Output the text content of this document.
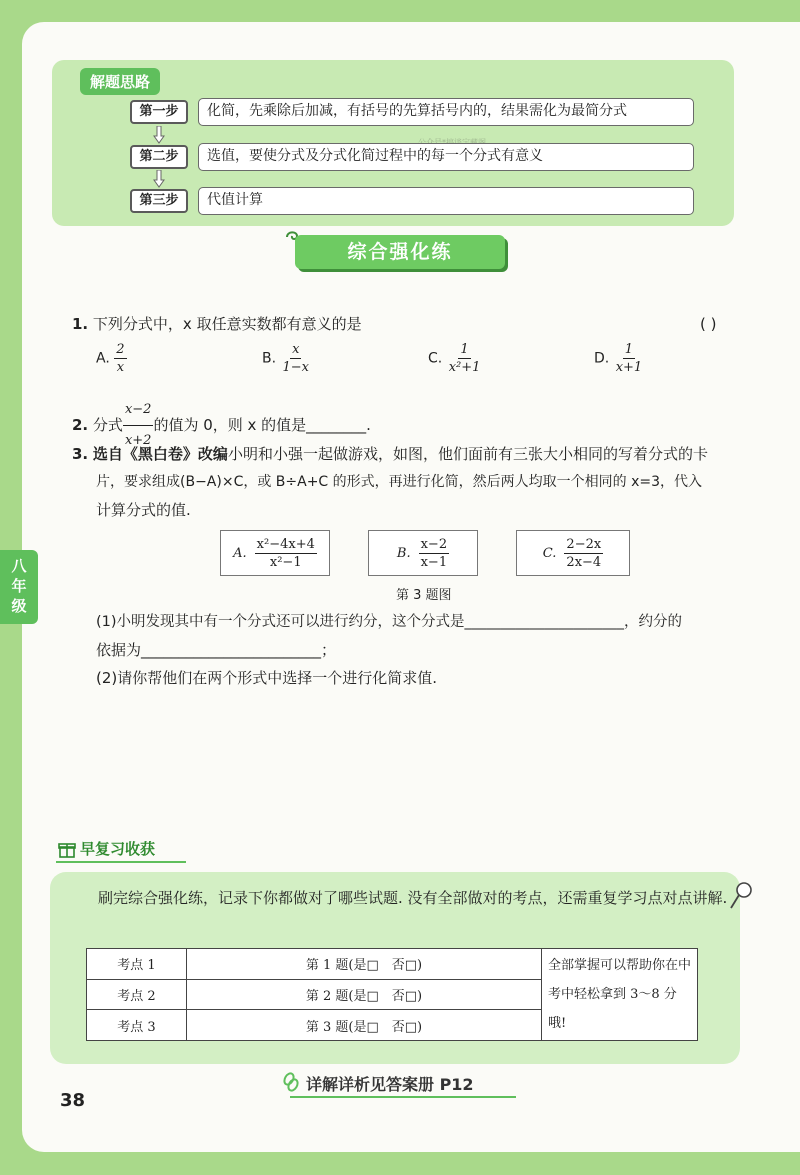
解题思路
第一步	化简，先乘除后加减，有括号的先算括号内的，结果需化为最简分式
第二步	选值，要使分式及分式化简过程中的每一个分式有意义
第三步	代值计算
综合强化练
1. 下列分式中，x 取任意实数都有意义的是	( )
A. $\frac{2}{x}$	B. $\frac{x}{1-x}$	C. $\frac{1}{\text{x²+1}}$	D. $\frac{1}{x+1}$
2. 分式 $\frac{x-2}{x+2}$ 的值为 0，则 x 的值是________.
3. 选自《黑白卷》改编小明和小强一起做游戏，如图，他们面前有三张大小相同的写着分式的卡
片，要求组成(B−A)×C，或 B÷A+C 的形式，再进行化简，然后两人均取一个相同的 x=3，代入
计算分式的值.
A. $\frac{\text{x²−4x+4}}{\text{x²−1}}$	B. $\frac{x-2}{x-1}$	C. $\frac{2-2x}{2x-4}$
第 3 题图
(1)小明发现其中有一个分式还可以进行约分，这个分式是______________________，约分的
依据为________________________；
(2)请你帮他们在两个形式中选择一个进行化简求值.
八
年
级
早复习收获
刷完综合强化练，记录下你都做对了哪些试题. 没有全部做对的考点，还需重复学习点对点讲解.
考点 1	第 1 题(是□　否□)	全部掌握可以帮助你在中考中轻松拿到 3～8 分哦!
考点 2	第 2 题(是□　否□)	
考点 3	第 3 题(是□　否□)	
详解详析见答案册 P12
38
